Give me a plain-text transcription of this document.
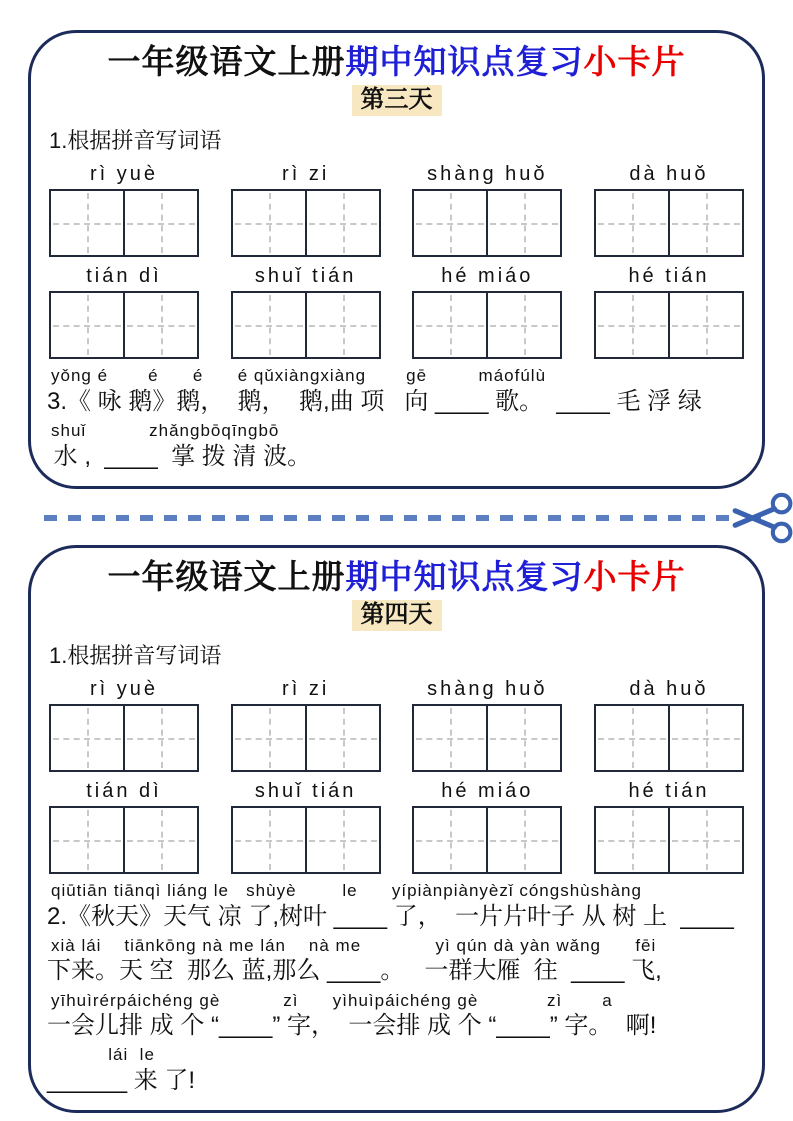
一年级语文上册期中知识点复习小卡片
第三天
1.根据拼音写词语
rì yuè	rì zi	shàng huǒ	dà huǒ
tián dì	shuǐ tián	hé miáo	hé tián
yǒng é       é      é      é qǔxiàngxiàng       gē         máofúlù
3.《 咏 鹅》鹅，  鹅，  鹅,曲 项   向 ____ 歌。  ____ 毛 浮 绿
shuǐ           zhǎngbōqīngbō
水 ,  ____  掌 拨 清 波。
一年级语文上册期中知识点复习小卡片
第四天
1.根据拼音写词语
rì yuè	rì zi	shàng huǒ	dà huǒ
tián dì	shuǐ tián	hé miáo	hé tián
qiūtiān tiānqì liáng le   shùyè        le      yípiànpiànyèzǐ cóngshùshàng
2.《秋天》天气 凉 了,树叶 ____ 了，  一片片叶子 从 树 上  ____
xià lái    tiānkōng nà me lán    nà me             yì qún dà yàn wǎng      fēi
下来。天 空  那么 蓝,那么 ____。   一群大雁  往  ____ 飞,
yīhuìrérpáichéng gè           zì      yìhuìpáichéng gè            zì       a
一会儿排 成 个 “____” 字，  一会排 成 个 “____” 字。  啊!
lái  le
______ 来 了!
